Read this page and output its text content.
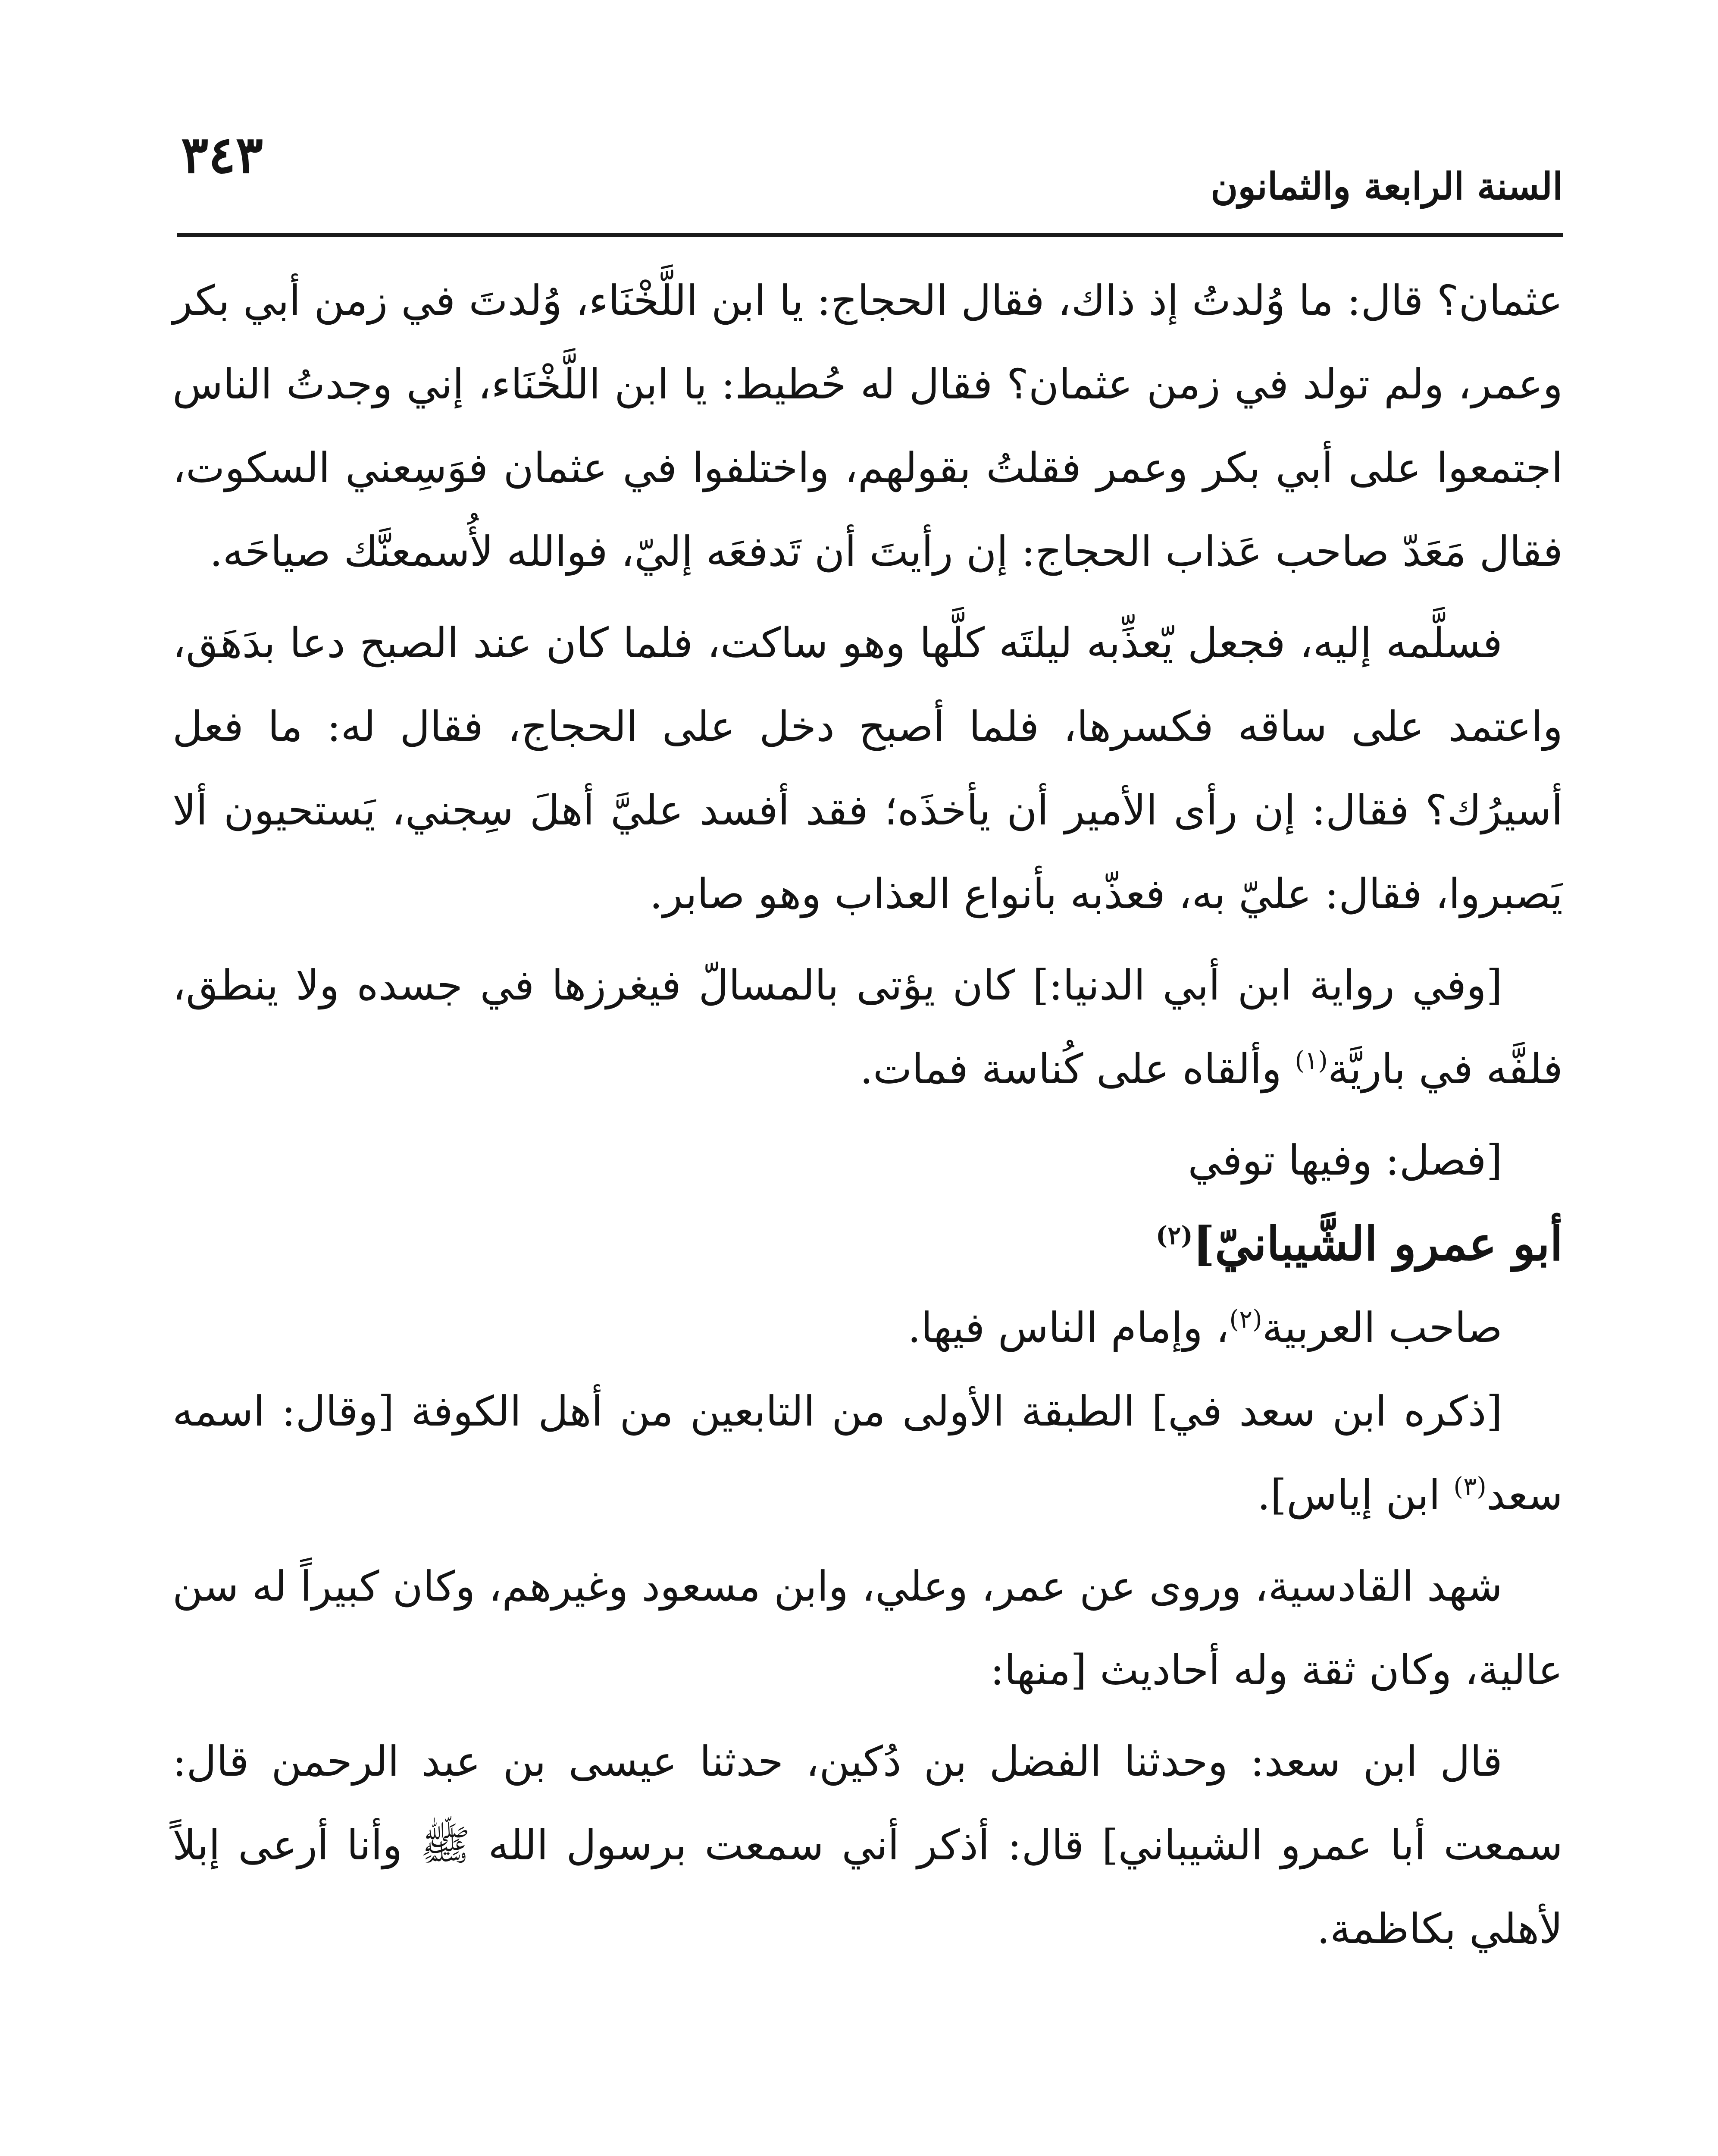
السنة الرابعة والثمانون
٣٤٣

عثمان؟ قال: ما وُلدتُ إذ ذاك، فقال الحجاج: يا ابن اللَّخْنَاء، وُلدتَ في زمن أبي بكر وعمر، ولم تولد في زمن عثمان؟ فقال له حُطيط: يا ابن اللَّخْنَاء، إني وجدتُ الناس اجتمعوا على أبي بكر وعمر فقلتُ بقولهم، واختلفوا في عثمان فوَسِعني السكوت، فقال مَعَدّ صاحب عَذاب الحجاج: إن رأيتَ أن تَدفعَه إليّ، فوالله لأُسمعنَّك صياحَه.

فسلَّمه إليه، فجعل يّعذِّبه ليلتَه كلَّها وهو ساكت، فلما كان عند الصبح دعا بدَهَق، واعتمد على ساقه فكسرها، فلما أصبح دخل على الحجاج، فقال له: ما فعل أسيرُك؟ فقال: إن رأى الأمير أن يأخذَه؛ فقد أفسد عليَّ أهلَ سِجني، يَستحيون ألا يَصبروا، فقال: عليّ به، فعذّبه بأنواع العذاب وهو صابر.

[وفي رواية ابن أبي الدنيا:] كان يؤتى بالمسالّ فيغرزها في جسده ولا ينطق، فلفَّه في باريَّة$^{(١)}$ وألقاه على كُناسة فمات.

[فصل: وفيها توفي

أبو عمرو الشَّيبانيّ]$^{(٢)}$

صاحب العربية$^{(٢)}$، وإمام الناس فيها.

[ذكره ابن سعد في] الطبقة الأولى من التابعين من أهل الكوفة [وقال: اسمه سعد$^{(٣)}$ ابن إياس].

شهد القادسية، وروى عن عمر، وعلي، وابن مسعود وغيرهم، وكان كبيراً له سن عالية، وكان ثقة وله أحاديث [منها:

قال ابن سعد: وحدثنا الفضل بن دُكين، حدثنا عيسى بن عبد الرحمن قال: سمعت أبا عمرو الشيباني] قال: أذكر أني سمعت برسول الله ﷺ وأنا أرعى إبلاً لأهلي بكاظمة.
